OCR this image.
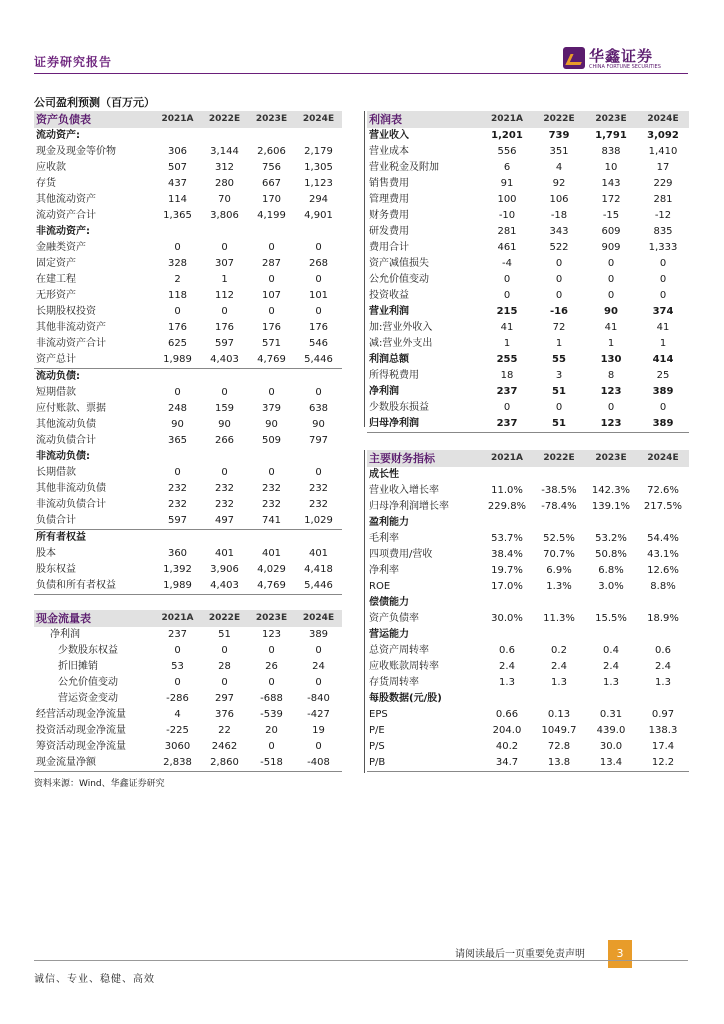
证券研究报告	华鑫证券
CHINA FORTUNE SECURITIES
公司盈利预测（百万元）
资产负债表	2021A	2022E	2023E	2024E
流动资产:				
现金及现金等价物	306	3,144	2,606	2,179
应收款	507	312	756	1,305
存货	437	280	667	1,123
其他流动资产	114	70	170	294
流动资产合计	1,365	3,806	4,199	4,901
非流动资产:				
金融类资产	0	0	0	0
固定资产	328	307	287	268
在建工程	2	1	0	0
无形资产	118	112	107	101
长期股权投资	0	0	0	0
其他非流动资产	176	176	176	176
非流动资产合计	625	597	571	546
资产总计	1,989	4,403	4,769	5,446
流动负债:				
短期借款	0	0	0	0
应付账款、票据	248	159	379	638
其他流动负债	90	90	90	90
流动负债合计	365	266	509	797
非流动负债:				
长期借款	0	0	0	0
其他非流动负债	232	232	232	232
非流动负债合计	232	232	232	232
负债合计	597	497	741	1,029
所有者权益				
股本	360	401	401	401
股东权益	1,392	3,906	4,029	4,418
负债和所有者权益	1,989	4,403	4,769	5,446
现金流量表	2021A	2022E	2023E	2024E
净利润	237	51	123	389
少数股东权益	0	0	0	0
折旧摊销	53	28	26	24
公允价值变动	0	0	0	0
营运资金变动	-286	297	-688	-840
经营活动现金净流量	4	376	-539	-427
投资活动现金净流量	-225	22	20	19
筹资活动现金净流量	3060	2462	0	0
现金流量净额	2,838	2,860	-518	-408
利润表	2021A	2022E	2023E	2024E
营业收入	1,201	739	1,791	3,092
营业成本	556	351	838	1,410
营业税金及附加	6	4	10	17
销售费用	91	92	143	229
管理费用	100	106	172	281
财务费用	-10	-18	-15	-12
研发费用	281	343	609	835
费用合计	461	522	909	1,333
资产减值损失	-4	0	0	0
公允价值变动	0	0	0	0
投资收益	0	0	0	0
营业利润	215	-16	90	374
加:营业外收入	41	72	41	41
减:营业外支出	1	1	1	1
利润总额	255	55	130	414
所得税费用	18	3	8	25
净利润	237	51	123	389
少数股东损益	0	0	0	0
归母净利润	237	51	123	389
主要财务指标	2021A	2022E	2023E	2024E
成长性				
营业收入增长率	11.0%	-38.5%	142.3%	72.6%
归母净利润增长率	229.8%	-78.4%	139.1%	217.5%
盈利能力				
毛利率	53.7%	52.5%	53.2%	54.4%
四项费用/营收	38.4%	70.7%	50.8%	43.1%
净利率	19.7%	6.9%	6.8%	12.6%
ROE	17.0%	1.3%	3.0%	8.8%
偿债能力				
资产负债率	30.0%	11.3%	15.5%	18.9%
营运能力				
总资产周转率	0.6	0.2	0.4	0.6
应收账款周转率	2.4	2.4	2.4	2.4
存货周转率	1.3	1.3	1.3	1.3
每股数据(元/股)				
EPS	0.66	0.13	0.31	0.97
P/E	204.0	1049.7	439.0	138.3
P/S	40.2	72.8	30.0	17.4
P/B	34.7	13.8	13.4	12.2
资料来源：Wind、华鑫证券研究
请阅读最后一页重要免责声明	3
诚信、专业、稳健、高效
